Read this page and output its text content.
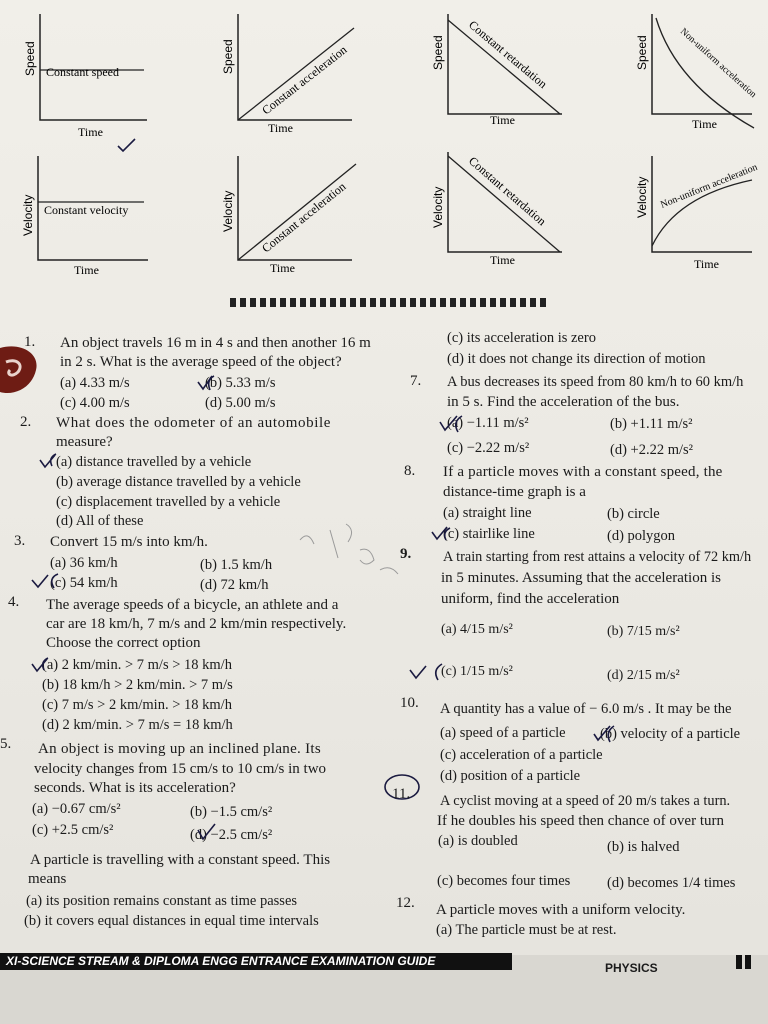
Speed Constant speed
Time
Speed Constant acceleration
Time
Speed Constant retardation
Time
Speed	Non-uniform acceleration
Time
Velocity Constant velocity
Time
Velocity Constant acceleration
Time
Velocity Constant retardation
Time
Velocity Non-uniform acceleration
Time
1. An object travels 16 m in 4 s and then another 16 m
in 2 s. What is the average speed of the object?
(a) 4.33 m/s	(b) 5.33 m/s
(c) 4.00 m/s	(d) 5.00 m/s
2. What does the odometer of an automobile
measure?
(a) distance travelled by a vehicle
(b) average distance travelled by a vehicle
(c) displacement travelled by a vehicle
(d) All of these
3. Convert 15 m/s into km/h.
(a) 36 km/h	(b) 1.5 km/h
(c) 54 km/h	(d) 72 km/h
4. The average speeds of a bicycle, an athlete and a
car are 18 km/h, 7 m/s and 2 km/min respectively.
Choose the correct option
(a) 2 km/min. > 7 m/s > 18 km/h
(b) 18 km/h > 2 km/min. > 7 m/s
(c) 7 m/s > 2 km/min. > 18 km/h
(d) 2 km/min. > 7 m/s = 18 km/h
5. An object is moving up an inclined plane. Its
velocity changes from 15 cm/s to 10 cm/s in two
seconds. What is its acceleration?
(a) −0.67 cm/s²	(b) −1.5 cm/s²
(c) +2.5 cm/s²	(d) −2.5 cm/s²
A particle is travelling with a constant speed. This
means
(a) its position remains constant as time passes
(b) it covers equal distances in equal time intervals
(c) its acceleration is zero
(d) it does not change its direction of motion
7. A bus decreases its speed from 80 km/h to 60 km/h
in 5 s. Find the acceleration of the bus.
(a) −1.11 m/s²	(b) +1.11 m/s²
(c) −2.22 m/s²	(d) +2.22 m/s²
8. If a particle moves with a constant speed, the
distance-time graph is a
(a) straight line	(b) circle
(c) stairlike line	(d) polygon
9. A train starting from rest attains a velocity of 72 km/h
in 5 minutes. Assuming that the acceleration is
uniform, find the acceleration
(a) 4/15 m/s²	(b) 7/15 m/s²
(c) 1/15 m/s²	(d) 2/15 m/s²
10. A quantity has a value of − 6.0 m/s . It may be the
(a) speed of a particle (b) velocity of a particle
(c) acceleration of a particle
(d) position of a particle
11. A cyclist moving at a speed of 20 m/s takes a turn.
If he doubles his speed then chance of over turn
(a) is doubled	(b) is halved
(c) becomes four times	(d) becomes 1/4 times
12. A particle moves with a uniform velocity.
(a) The particle must be at rest.
XI-SCIENCE STREAM & DIPLOMA ENGG ENTRANCE EXAMINATION GUIDE	PHYSICS
